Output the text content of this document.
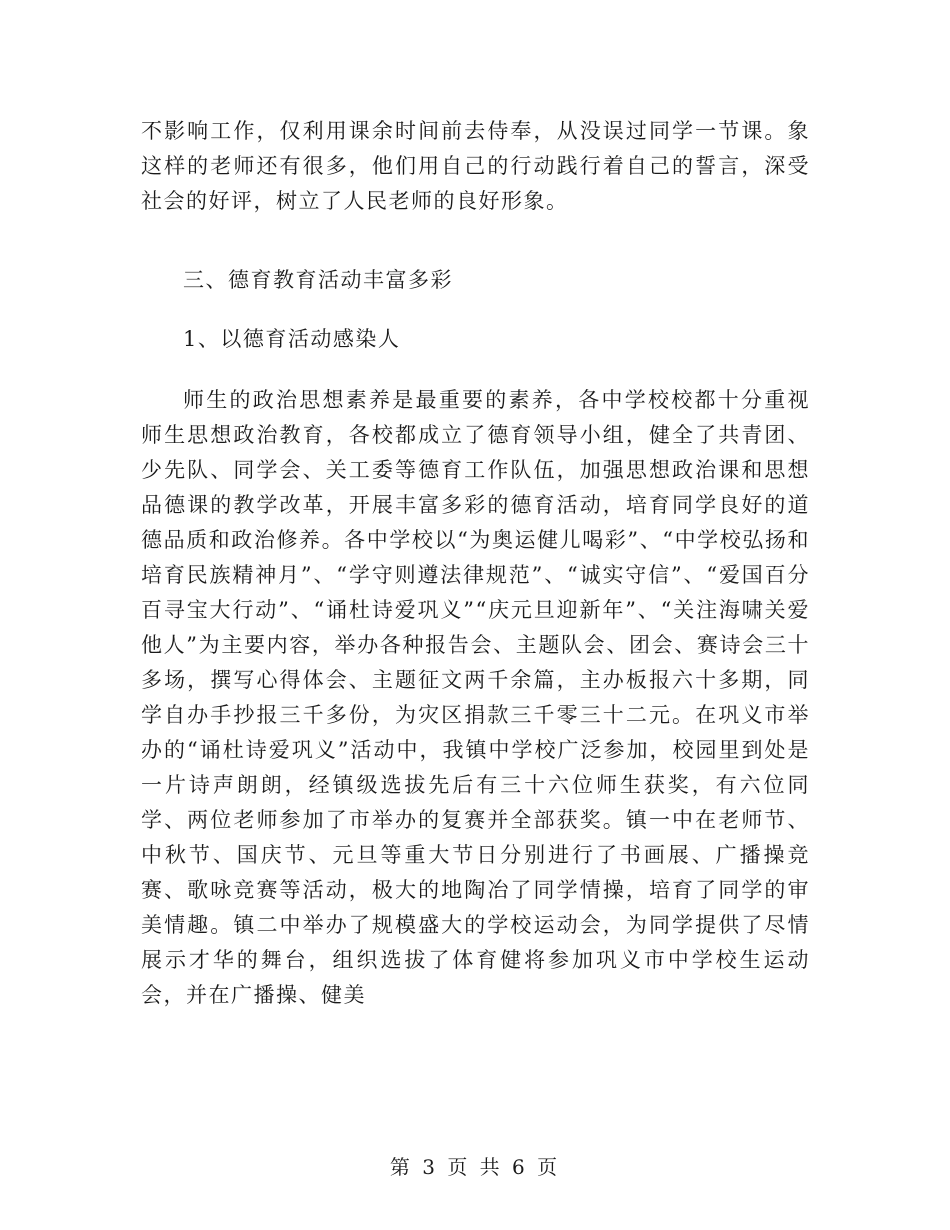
不影响工作，仅利用课余时间前去侍奉，从没误过同学一节课。象这样的老师还有很多，他们用自己的行动践行着自己的誓言，深受社会的好评，树立了人民老师的良好形象。

三、德育教育活动丰富多彩

1、以德育活动感染人

师生的政治思想素养是最重要的素养，各中学校校都十分重视师生思想政治教育，各校都成立了德育领导小组，健全了共青团、少先队、同学会、关工委等德育工作队伍，加强思想政治课和思想品德课的教学改革，开展丰富多彩的德育活动，培育同学良好的道德品质和政治修养。各中学校以“为奥运健儿喝彩”、“中学校弘扬和培育民族精神月”、“学守则遵法律规范”、“诚实守信”、“爱国百分百寻宝大行动”、“诵杜诗爱巩义”“庆元旦迎新年”、“关注海啸关爱他人”为主要内容，举办各种报告会、主题队会、团会、赛诗会三十多场，撰写心得体会、主题征文两千余篇，主办板报六十多期，同学自办手抄报三千多份，为灾区捐款三千零三十二元。在巩义市举办的“诵杜诗爱巩义”活动中，我镇中学校广泛参加，校园里到处是一片诗声朗朗，经镇级选拔先后有三十六位师生获奖，有六位同学、两位老师参加了市举办的复赛并全部获奖。镇一中在老师节、中秋节、国庆节、元旦等重大节日分别进行了书画展、广播操竞赛、歌咏竞赛等活动，极大的地陶冶了同学情操，培育了同学的审美情趣。镇二中举办了规模盛大的学校运动会，为同学提供了尽情展示才华的舞台，组织选拔了体育健将参加巩义市中学校生运动会，并在广播操、健美

第 3 页 共 6 页
